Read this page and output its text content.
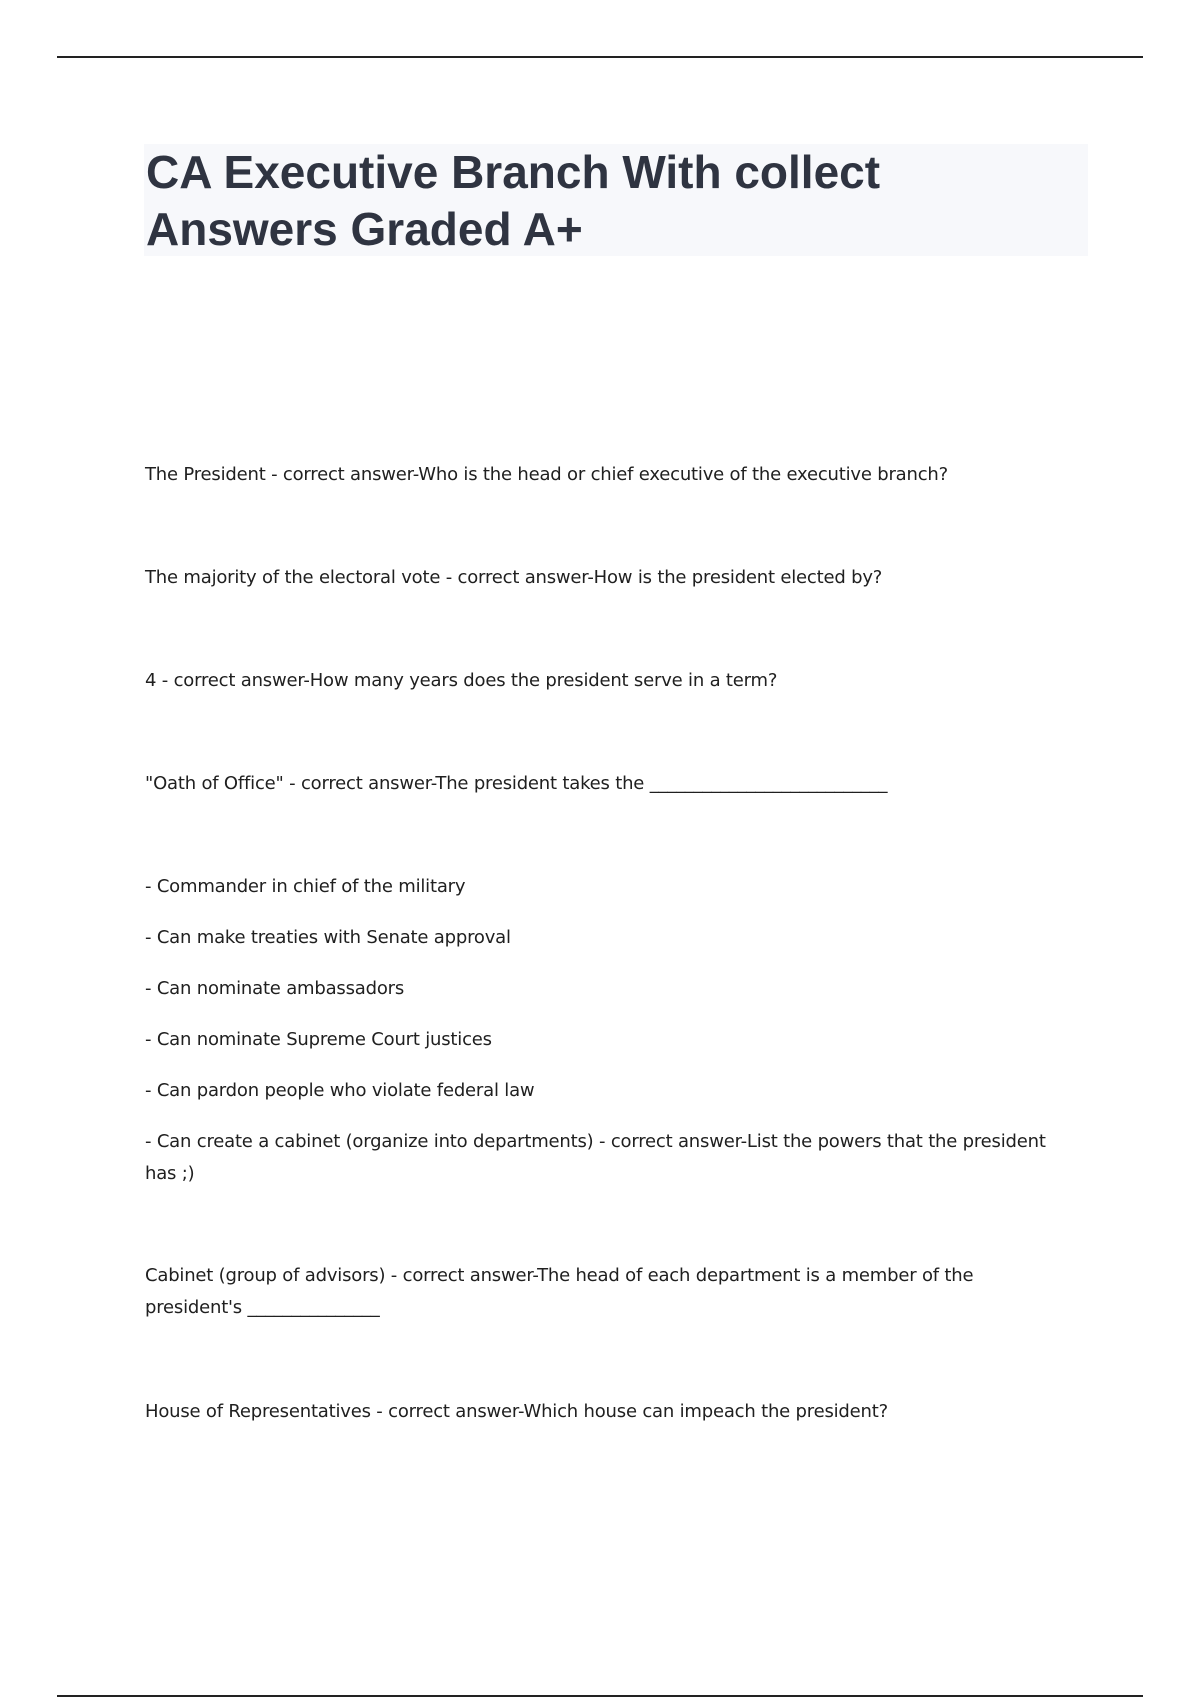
CA Executive Branch With collect
Answers Graded A+

The President - correct answer-Who is the head or chief executive of the executive branch?

The majority of the electoral vote - correct answer-How is the president elected by?

4 - correct answer-How many years does the president serve in a term?

"Oath of Office" - correct answer-The president takes the ___________________________

- Commander in chief of the military
- Can make treaties with Senate approval
- Can nominate ambassadors
- Can nominate Supreme Court justices
- Can pardon people who violate federal law
- Can create a cabinet (organize into departments) - correct answer-List the powers that the president has ;)

Cabinet (group of advisors) - correct answer-The head of each department is a member of the president's _______________

House of Representatives - correct answer-Which house can impeach the president?
